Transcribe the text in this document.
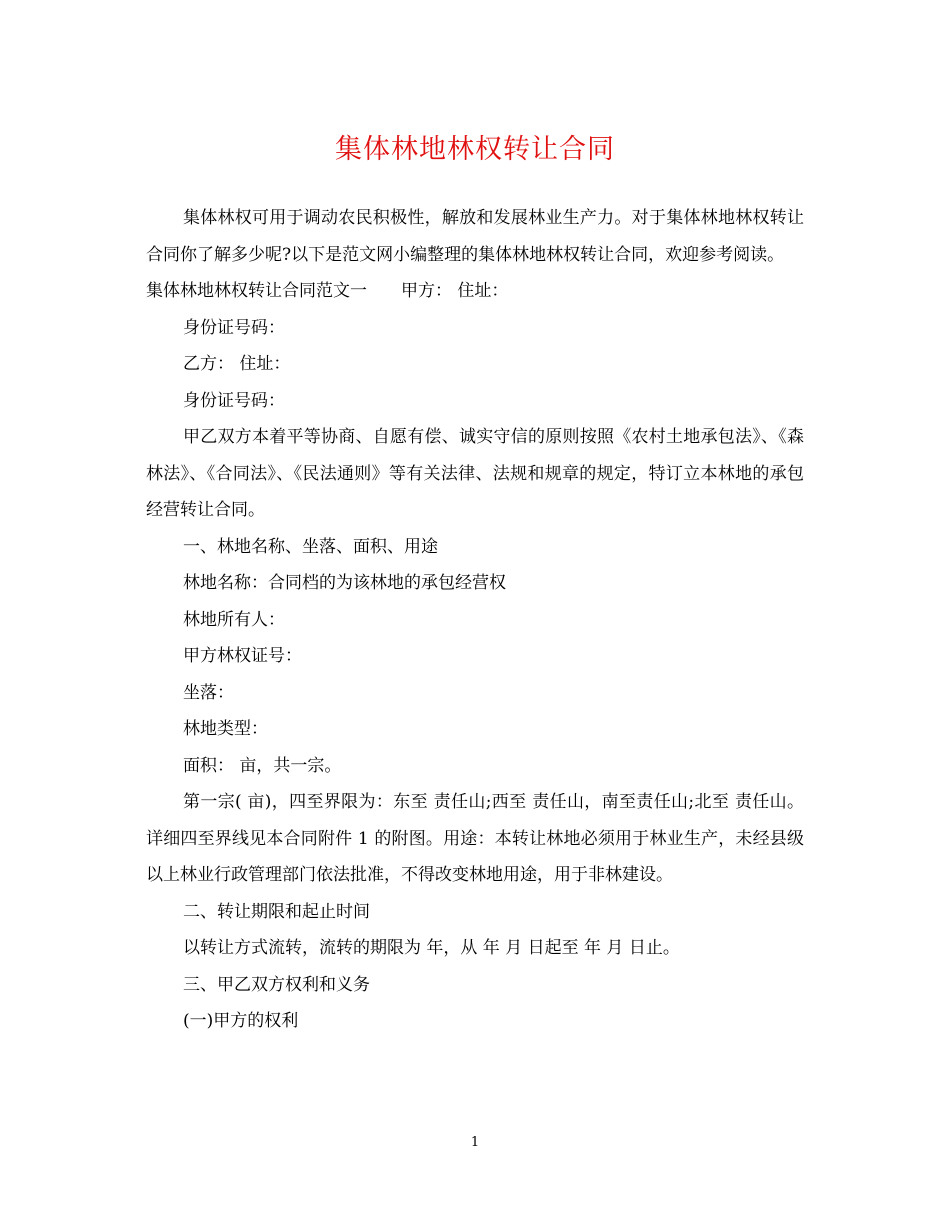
集体林地林权转让合同

集体林权可用于调动农民积极性，解放和发展林业生产力。对于集体林地林权转让合同你了解多少呢?以下是范文网小编整理的集体林地林权转让合同，欢迎参考阅读。

集体林地林权转让合同范文一　　甲方： 住址：

身份证号码：

乙方： 住址：

身份证号码：

甲乙双方本着平等协商、自愿有偿、诚实守信的原则按照《农村土地承包法》、《森林法》、《合同法》、《民法通则》等有关法律、法规和规章的规定，特订立本林地的承包经营转让合同。

一、林地名称、坐落、面积、用途

林地名称：合同档的为该林地的承包经营权

林地所有人：

甲方林权证号：

坐落：

林地类型：

面积： 亩，共一宗。

第一宗( 亩)，四至界限为：东至 责任山;西至 责任山，南至责任山;北至 责任山。 详细四至界线见本合同附件 1 的附图。用途：本转让林地必须用于林业生产，未经县级以上林业行政管理部门依法批准，不得改变林地用途，用于非林建设。

二、转让期限和起止时间

以转让方式流转，流转的期限为 年，从 年 月 日起至 年 月 日止。

三、甲乙双方权利和义务

(一)甲方的权利

1
